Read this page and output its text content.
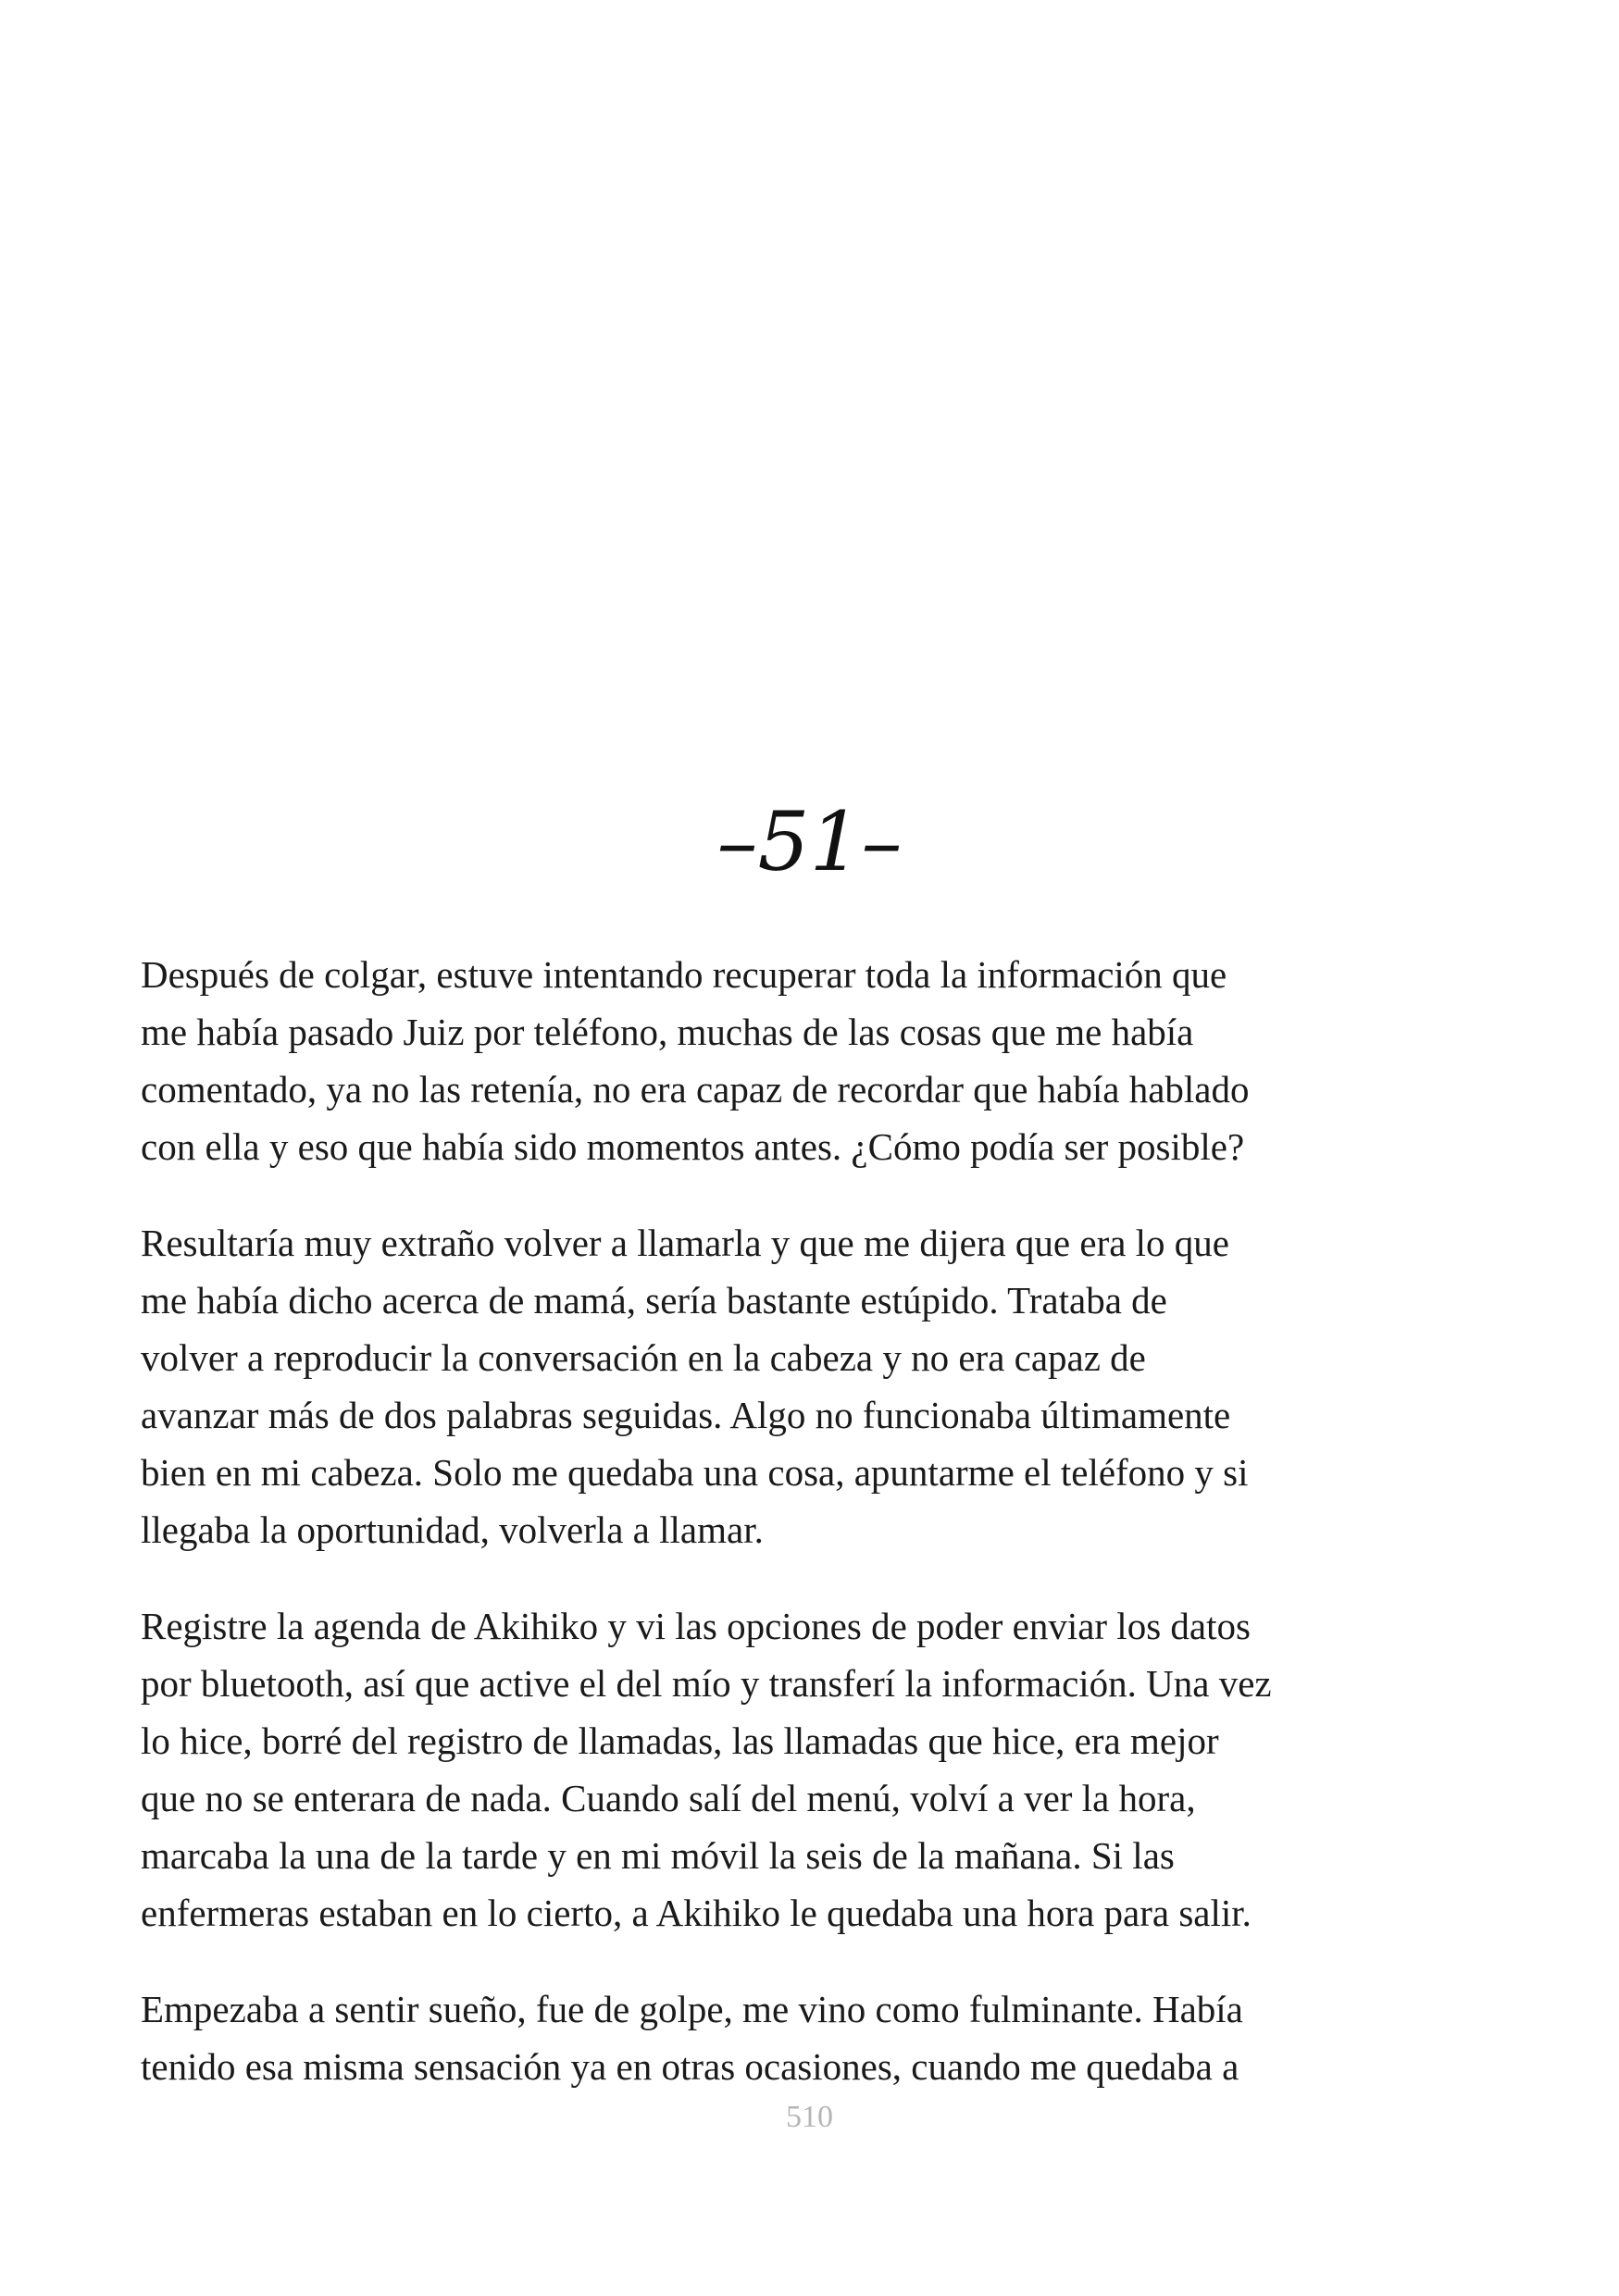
–51–

Después de colgar, estuve intentando recuperar toda la información que
me había pasado Juiz por teléfono, muchas de las cosas que me había
comentado, ya no las retenía, no era capaz de recordar que había hablado
con ella y eso que había sido momentos antes. ¿Cómo podía ser posible?

Resultaría muy extraño volver a llamarla y que me dijera que era lo que
me había dicho acerca de mamá, sería bastante estúpido. Trataba de
volver a reproducir la conversación en la cabeza y no era capaz de
avanzar más de dos palabras seguidas. Algo no funcionaba últimamente
bien en mi cabeza. Solo me quedaba una cosa, apuntarme el teléfono y si
llegaba la oportunidad, volverla a llamar.

Registre la agenda de Akihiko y vi las opciones de poder enviar los datos
por bluetooth, así que active el del mío y transferí la información. Una vez
lo hice, borré del registro de llamadas, las llamadas que hice, era mejor
que no se enterara de nada. Cuando salí del menú, volví a ver la hora,
marcaba la una de la tarde y en mi móvil la seis de la mañana. Si las
enfermeras estaban en lo cierto, a Akihiko le quedaba una hora para salir.

Empezaba a sentir sueño, fue de golpe, me vino como fulminante. Había
tenido esa misma sensación ya en otras ocasiones, cuando me quedaba a

510
